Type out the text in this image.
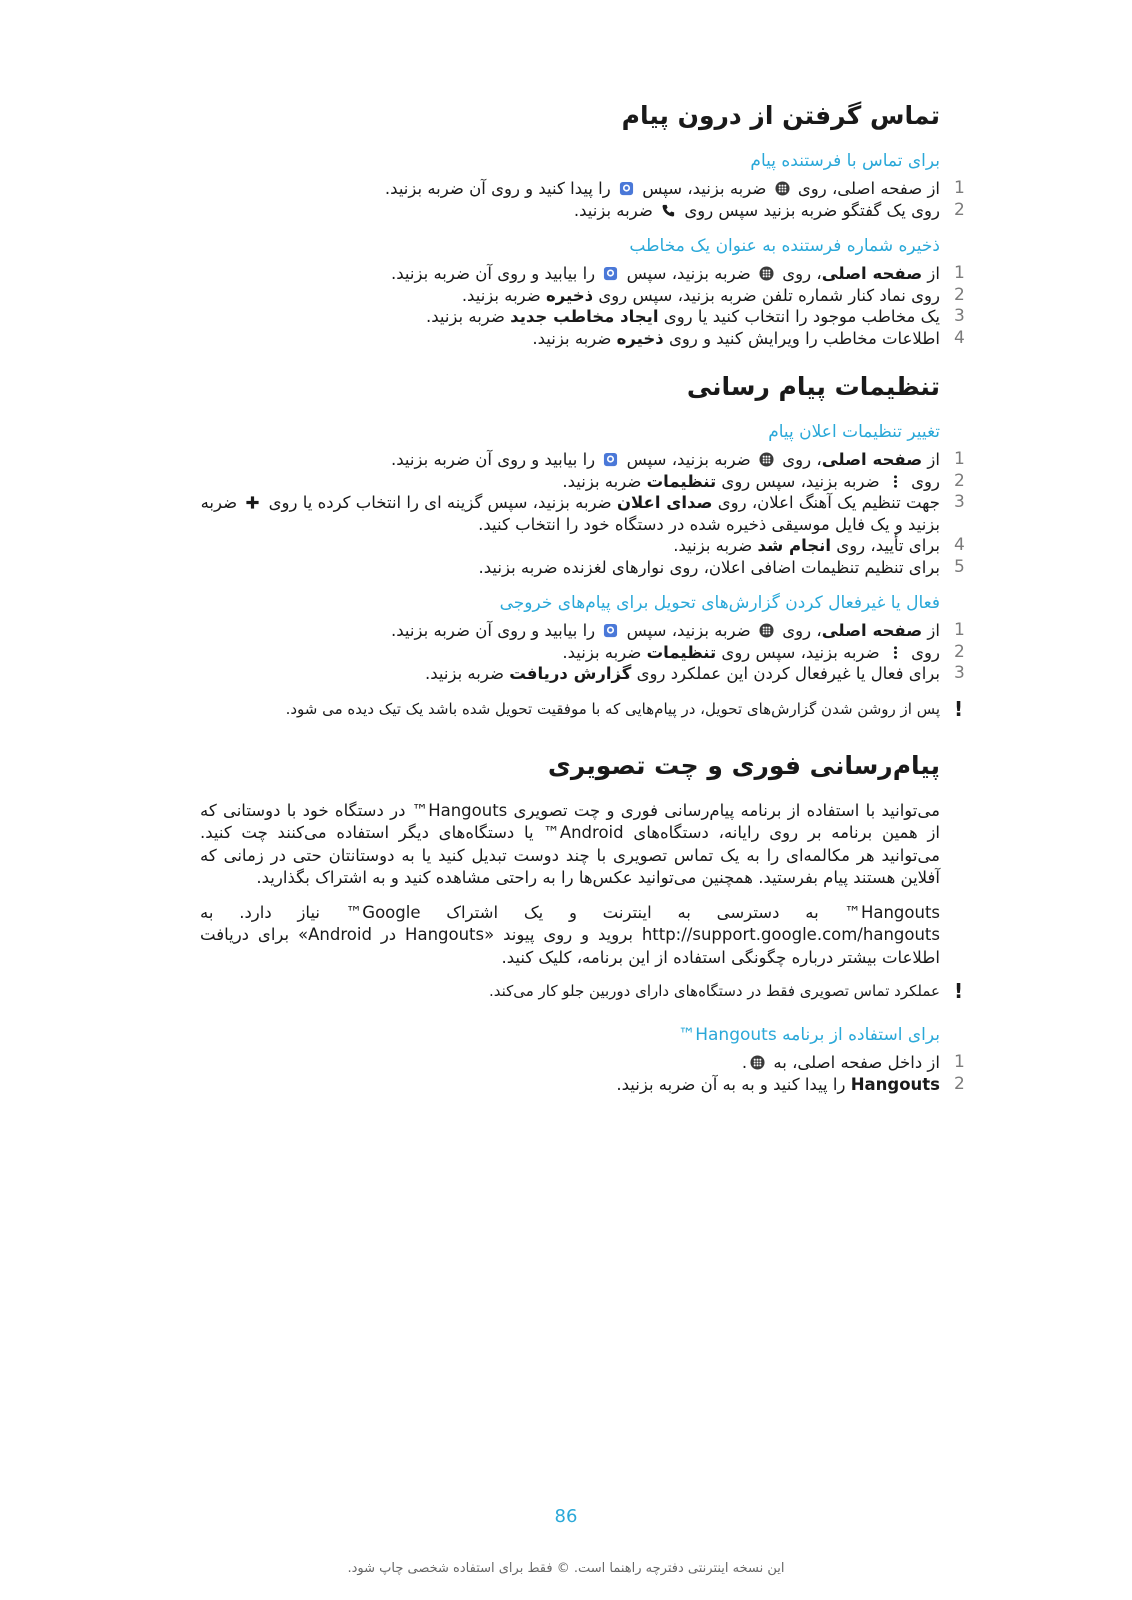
تماس گرفتن از درون پیام
برای تماس با فرستنده پیام
1
از صفحه اصلی، روی  ضربه بزنید، سپس  را پیدا کنید و روی آن ضربه بزنید.
2
روی یک گفتگو ضربه بزنید سپس روی  ضربه بزنید.
ذخیره شماره فرستنده به عنوان یک مخاطب
1
از صفحه اصلی، روی  ضربه بزنید، سپس  را بیابید و روی آن ضربه بزنید.
2
روی نماد کنار شماره تلفن ضربه بزنید، سپس روی ذخیره ضربه بزنید.
3
یک مخاطب موجود را انتخاب کنید یا روی ایجاد مخاطب جدید ضربه بزنید.
4
اطلاعات مخاطب را ویرایش کنید و روی ذخیره ضربه بزنید.
تنظیمات پیام رسانی
تغییر تنظیمات اعلان پیام
1
از صفحه اصلی، روی  ضربه بزنید، سپس  را بیابید و روی آن ضربه بزنید.
2
روی  ضربه بزنید، سپس روی تنظیمات ضربه بزنید.
3
جهت تنظیم یک آهنگ اعلان، روی صدای اعلان ضربه بزنید، سپس گزینه ای را انتخاب کرده یا روی  ضربه بزنید و یک فایل موسیقی ذخیره شده در دستگاه خود را انتخاب کنید.
4
برای تأیید، روی انجام شد ضربه بزنید.
5
برای تنظیم تنظیمات اضافی اعلان، روی نوارهای لغزنده ضربه بزنید.
فعال یا غیرفعال کردن گزارش‌های تحویل برای پیام‌های خروجی
1
از صفحه اصلی، روی  ضربه بزنید، سپس  را بیابید و روی آن ضربه بزنید.
2
روی  ضربه بزنید، سپس روی تنظیمات ضربه بزنید.
3
برای فعال یا غیرفعال کردن این عملکرد روی گزارش دریافت ضربه بزنید.
!
پس از روشن شدن گزارش‌های تحویل، در پیام‌هایی که با موفقیت تحویل شده باشد یک تیک دیده می شود.
پیام‌رسانی فوری و چت تصویری

می‌توانید با استفاده از برنامه پیام‌رسانی فوری و چت تصویری Hangouts™ در دستگاه خود با دوستانی که از همین برنامه بر روی رایانه، دستگاه‌های Android™ یا دستگاه‌های دیگر استفاده می‌کنند چت کنید. می‌توانید هر مکالمه‌ای را به یک تماس تصویری با چند دوست تبدیل کنید یا به دوستانتان حتی در زمانی که آفلاین هستند پیام بفرستید. همچنین می‌توانید عکس‌ها را به راحتی مشاهده کنید و به اشتراک بگذارید.

Hangouts™ به دسترسی به اینترنت و یک اشتراک Google™ نیاز دارد. به http://support.google.com/hangouts بروید و روی پیوند «Hangouts در Android» برای دریافت اطلاعات بیشتر درباره چگونگی استفاده از این برنامه، کلیک کنید.

!
عملکرد تماس تصویری فقط در دستگاه‌های دارای دوربین جلو کار می‌کند.
برای استفاده از برنامه Hangouts™
1
از داخل صفحه اصلی، به .
2
Hangouts را پیدا کنید و به به آن ضربه بزنید.
86
این نسخه اینترنتی دفترچه راهنما است. © فقط برای استفاده شخصی چاپ شود.
